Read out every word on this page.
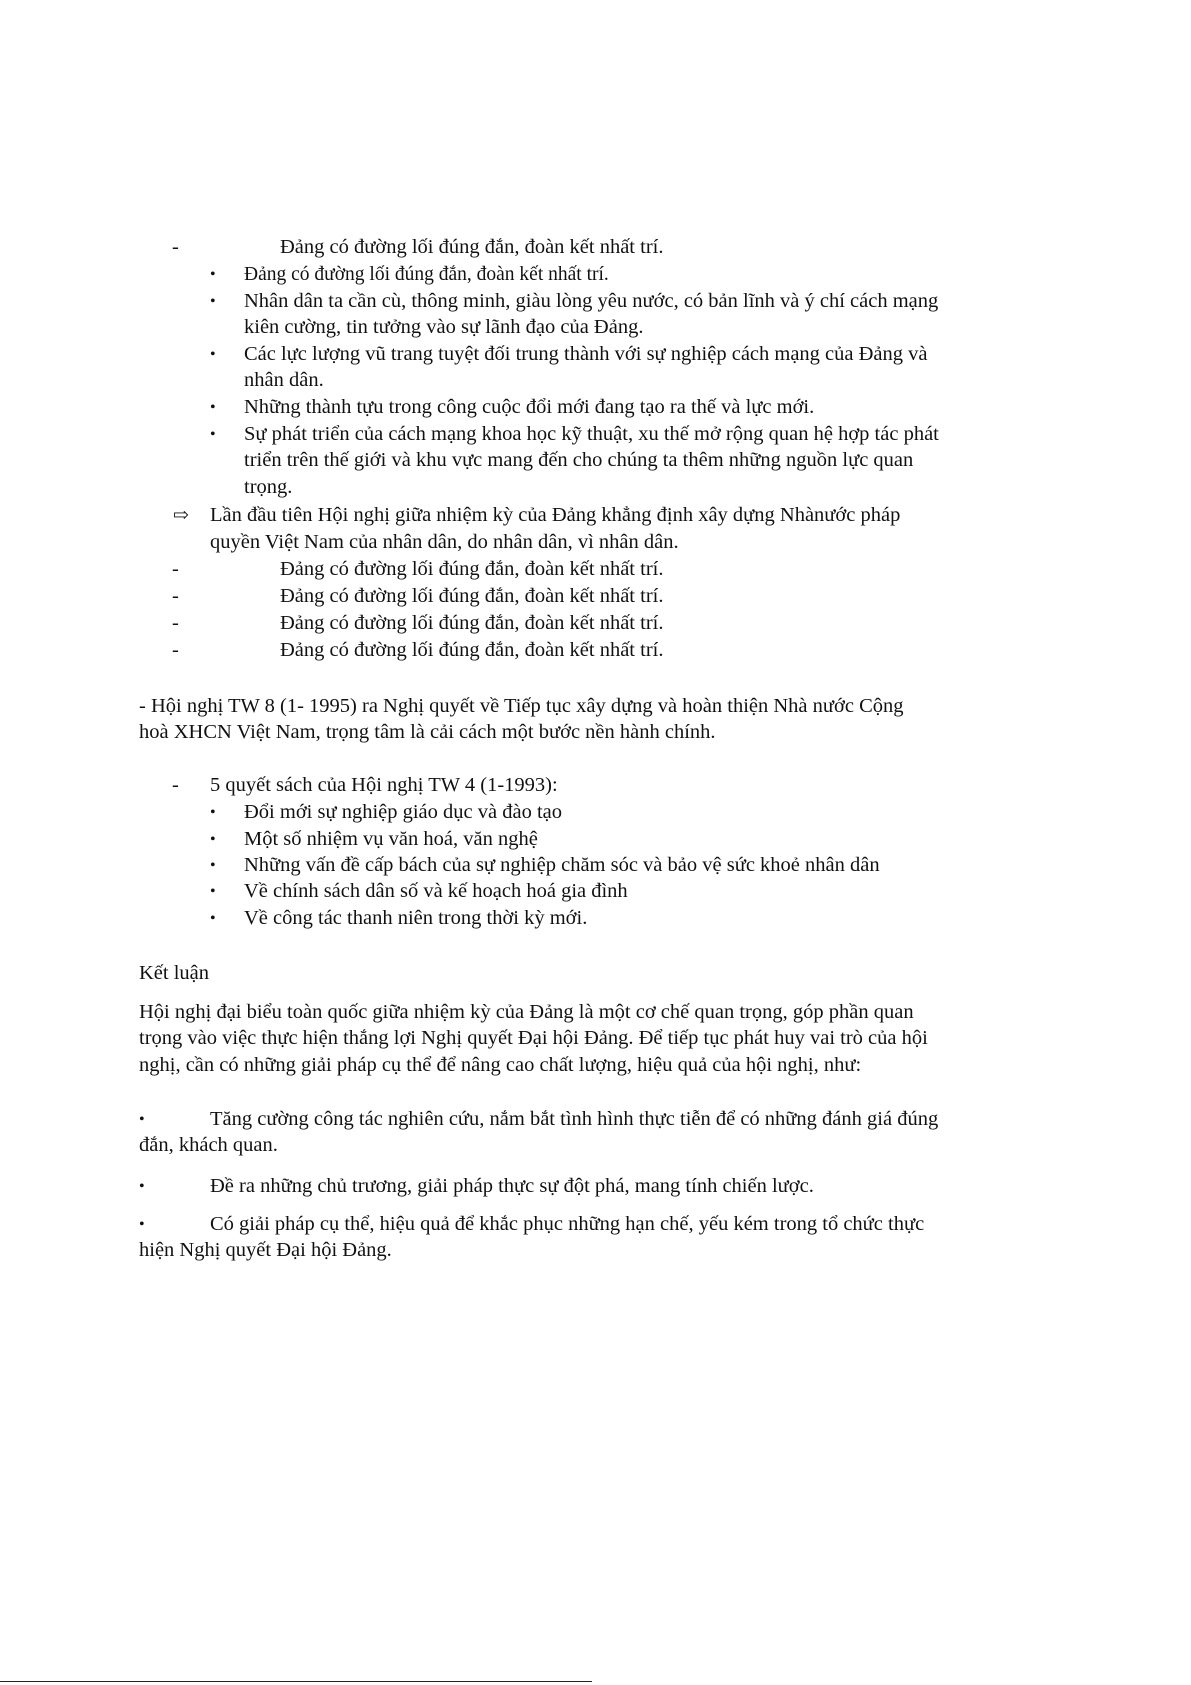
-	Đảng có đường lối đúng đắn, đoàn kết nhất trí.
• Đảng có đường lối đúng đắn, đoàn kết nhất trí.
• Nhân dân ta cần cù, thông minh, giàu lòng yêu nước, có bản lĩnh và ý chí cách mạng
kiên cường, tin tưởng vào sự lãnh đạo của Đảng.
• Các lực lượng vũ trang tuyệt đối trung thành với sự nghiệp cách mạng của Đảng và
nhân dân.
• Những thành tựu trong công cuộc đổi mới đang tạo ra thế và lực mới.
• Sự phát triển của cách mạng khoa học kỹ thuật, xu thế mở rộng quan hệ hợp tác phát
triển trên thế giới và khu vực mang đến cho chúng ta thêm những nguồn lực quan
trọng.
⇨ Lần đầu tiên Hội nghị giữa nhiệm kỳ của Đảng khẳng định xây dựng Nhànước pháp
quyền Việt Nam của nhân dân, do nhân dân, vì nhân dân.
-	Đảng có đường lối đúng đắn, đoàn kết nhất trí.
-	Đảng có đường lối đúng đắn, đoàn kết nhất trí.
-	Đảng có đường lối đúng đắn, đoàn kết nhất trí.
-	Đảng có đường lối đúng đắn, đoàn kết nhất trí.
- Hội nghị TW 8 (1- 1995) ra Nghị quyết về Tiếp tục xây dựng và hoàn thiện Nhà nước Cộng
hoà XHCN Việt Nam, trọng tâm là cải cách một bước nền hành chính.
- 5 quyết sách của Hội nghị TW 4 (1-1993):
• Đổi mới sự nghiệp giáo dục và đào tạo
• Một số nhiệm vụ văn hoá, văn nghệ
• Những vấn đề cấp bách của sự nghiệp chăm sóc và bảo vệ sức khoẻ nhân dân
• Về chính sách dân số và kế hoạch hoá gia đình
• Về công tác thanh niên trong thời kỳ mới.
Kết luận
Hội nghị đại biểu toàn quốc giữa nhiệm kỳ của Đảng là một cơ chế quan trọng, góp phần quan
trọng vào việc thực hiện thắng lợi Nghị quyết Đại hội Đảng. Để tiếp tục phát huy vai trò của hội
nghị, cần có những giải pháp cụ thể để nâng cao chất lượng, hiệu quả của hội nghị, như:
•	Tăng cường công tác nghiên cứu, nắm bắt tình hình thực tiễn để có những đánh giá đúng
đắn, khách quan.
•	Đề ra những chủ trương, giải pháp thực sự đột phá, mang tính chiến lược.
•	Có giải pháp cụ thể, hiệu quả để khắc phục những hạn chế, yếu kém trong tổ chức thực
hiện Nghị quyết Đại hội Đảng.
